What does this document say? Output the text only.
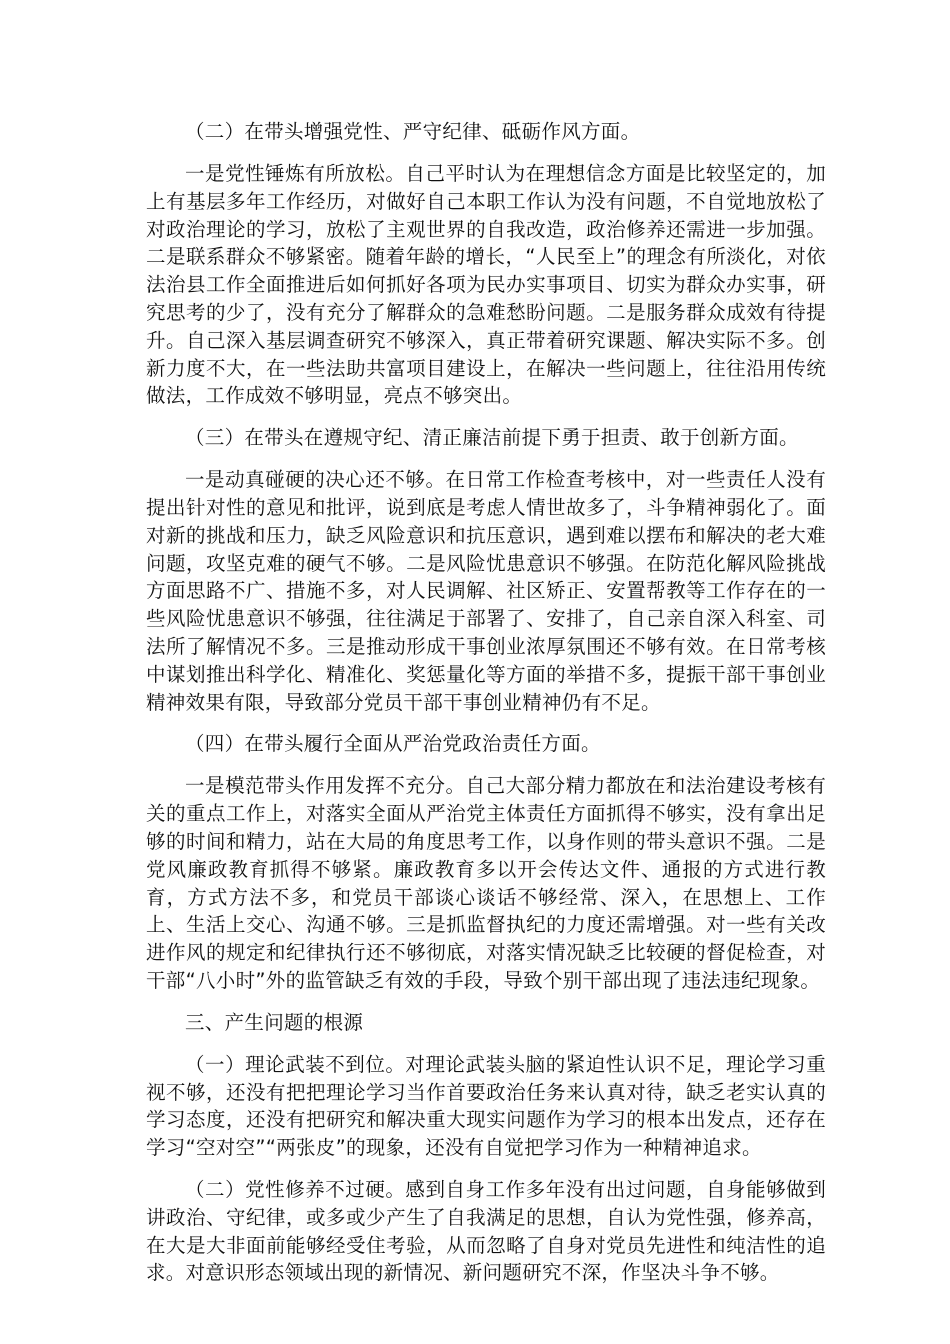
（二）在带头增强党性、严守纪律、砥砺作风方面。

一是党性锤炼有所放松。自己平时认为在理想信念方面是比较坚定的，加上有基层多年工作经历，对做好自己本职工作认为没有问题，不自觉地放松了对政治理论的学习，放松了主观世界的自我改造，政治修养还需进一步加强。二是联系群众不够紧密。随着年龄的增长，“人民至上”的理念有所淡化，对依法治县工作全面推进后如何抓好各项为民办实事项目、切实为群众办实事，研究思考的少了，没有充分了解群众的急难愁盼问题。二是服务群众成效有待提升。自己深入基层调查研究不够深入，真正带着研究课题、解决实际不多。创新力度不大，在一些法助共富项目建设上，在解决一些问题上，往往沿用传统做法，工作成效不够明显，亮点不够突出。

（三）在带头在遵规守纪、清正廉洁前提下勇于担责、敢于创新方面。

一是动真碰硬的决心还不够。在日常工作检查考核中，对一些责任人没有提出针对性的意见和批评，说到底是考虑人情世故多了，斗争精神弱化了。面对新的挑战和压力，缺乏风险意识和抗压意识，遇到难以摆布和解决的老大难问题，攻坚克难的硬气不够。二是风险忧患意识不够强。在防范化解风险挑战方面思路不广、措施不多，对人民调解、社区矫正、安置帮教等工作存在的一些风险忧患意识不够强，往往满足于部署了、安排了，自己亲自深入科室、司法所了解情况不多。三是推动形成干事创业浓厚氛围还不够有效。在日常考核中谋划推出科学化、精准化、奖惩量化等方面的举措不多，提振干部干事创业精神效果有限，导致部分党员干部干事创业精神仍有不足。

（四）在带头履行全面从严治党政治责任方面。

一是模范带头作用发挥不充分。自己大部分精力都放在和法治建设考核有关的重点工作上，对落实全面从严治党主体责任方面抓得不够实，没有拿出足够的时间和精力，站在大局的角度思考工作，以身作则的带头意识不强。二是党风廉政教育抓得不够紧。廉政教育多以开会传达文件、通报的方式进行教育，方式方法不多，和党员干部谈心谈话不够经常、深入，在思想上、工作上、生活上交心、沟通不够。三是抓监督执纪的力度还需增强。对一些有关改进作风的规定和纪律执行还不够彻底，对落实情况缺乏比较硬的督促检查，对干部“八小时”外的监管缺乏有效的手段，导致个别干部出现了违法违纪现象。

三、产生问题的根源

（一）理论武装不到位。对理论武装头脑的紧迫性认识不足，理论学习重视不够，还没有把把理论学习当作首要政治任务来认真对待，缺乏老实认真的学习态度，还没有把研究和解决重大现实问题作为学习的根本出发点，还存在学习“空对空”“两张皮”的现象，还没有自觉把学习作为一种精神追求。

（二）党性修养不过硬。感到自身工作多年没有出过问题，自身能够做到讲政治、守纪律，或多或少产生了自我满足的思想，自认为党性强，修养高，在大是大非面前能够经受住考验，从而忽略了自身对党员先进性和纯洁性的追求。对意识形态领域出现的新情况、新问题研究不深，作坚决斗争不够。
